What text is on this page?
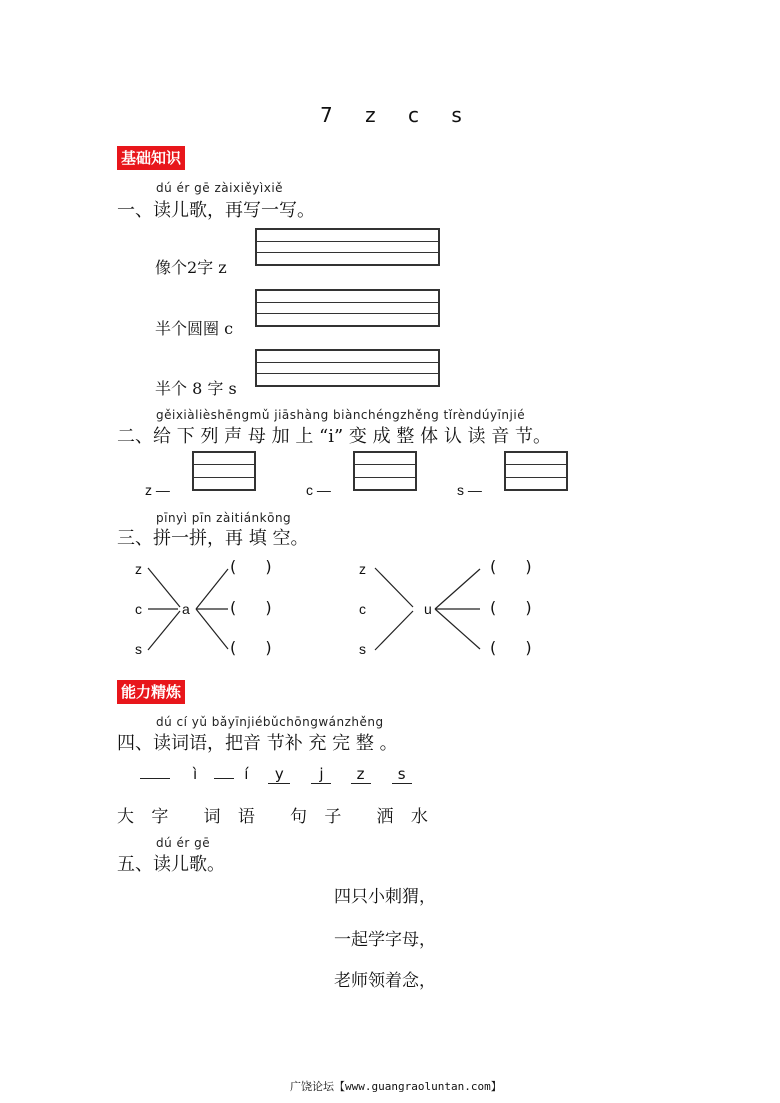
7 z c s
基础知识
dú ér gē zàixiěyìxiě
一、读儿歌，再写一写。
像个2字 z
半个圆圈 c
半个 8 字 s
gěixiàlièshēngmǔ jiāshàng biànchéngzhěng tǐrèndúyīnjié
二、给 下 列 声 母 加 上 “i” 变 成 整 体 认 读 音 节。
z —	c —	s —
pīnyì pīn zàitiánkōng
三、拼一拼，再 填 空。
z
c
s
a
( )
( )
( )
z
c
s
u
( )
( )
( )
能力精炼
dú cí yǔ bǎyīnjiébǔchōngwánzhěng
四、读词语，把音 节补 充 完 整 。
ì	í y j z s
大 字 词 语 句 子 洒 水
dú ér gē
五、读儿歌。
四只小刺猬，
一起学字母，
老师领着念，
广饶论坛【www.guangraoluntan.com】
